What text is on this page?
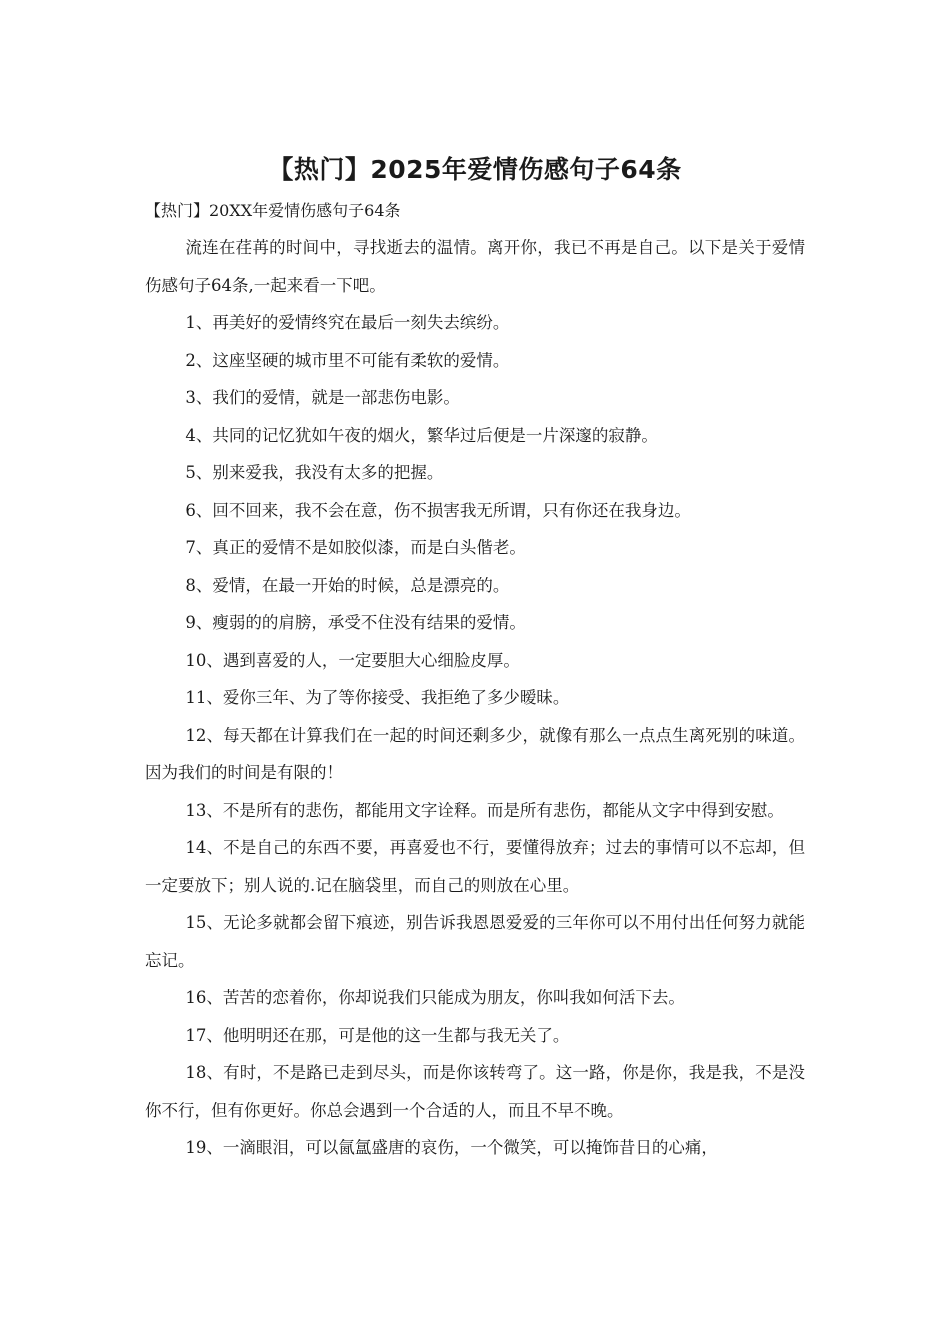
【热门】2025年爱情伤感句子64条

【热门】20XX年爱情伤感句子64条

流连在荏苒的时间中，寻找逝去的温情。离开你，我已不再是自己。以下是关于爱情伤感句子64条,一起来看一下吧。

1、再美好的爱情终究在最后一刻失去缤纷。

2、这座坚硬的城市里不可能有柔软的爱情。

3、我们的爱情，就是一部悲伤电影。

4、共同的记忆犹如午夜的烟火，繁华过后便是一片深邃的寂静。

5、别来爱我，我没有太多的把握。

6、回不回来，我不会在意，伤不损害我无所谓，只有你还在我身边。

7、真正的爱情不是如胶似漆，而是白头偕老。

8、爱情，在最一开始的时候，总是漂亮的。

9、瘦弱的的肩膀，承受不住没有结果的爱情。

10、遇到喜爱的人，一定要胆大心细脸皮厚。

11、爱你三年、为了等你接受、我拒绝了多少暧昧。

12、每天都在计算我们在一起的时间还剩多少，就像有那么一点点生离死别的味道。因为我们的时间是有限的！

13、不是所有的悲伤，都能用文字诠释。而是所有悲伤，都能从文字中得到安慰。

14、不是自己的东西不要，再喜爱也不行，要懂得放弃；过去的事情可以不忘却，但一定要放下；别人说的.记在脑袋里，而自己的则放在心里。

15、无论多就都会留下痕迹，别告诉我恩恩爱爱的三年你可以不用付出任何努力就能忘记。

16、苦苦的恋着你，你却说我们只能成为朋友，你叫我如何活下去。

17、他明明还在那，可是他的这一生都与我无关了。

18、有时，不是路已走到尽头，而是你该转弯了。这一路，你是你，我是我，不是没你不行，但有你更好。你总会遇到一个合适的人，而且不早不晚。

19、一滴眼泪，可以氤氲盛唐的哀伤，一个微笑，可以掩饰昔日的心痛，
